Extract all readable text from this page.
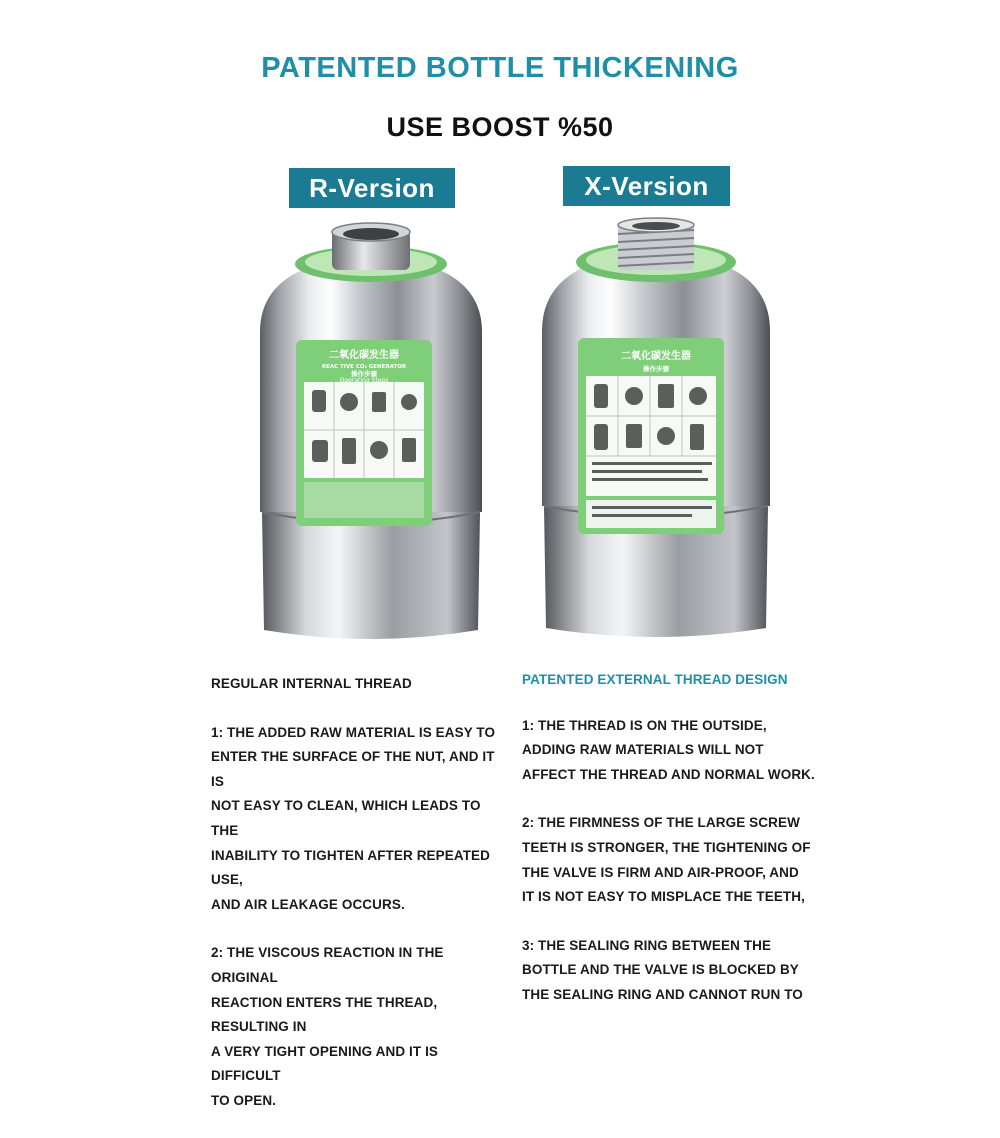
PATENTED BOTTLE THICKENING
USE BOOST %50
R-Version	X-Version
二氧化碳发生器
REAC TIVE CO₂ GENERATOR
操作步骤
Operating Steps
二氧化碳发生器
操作步骤

REGULAR INTERNAL THREAD

1: THE ADDED RAW MATERIAL IS EASY TO
ENTER THE SURFACE OF THE NUT, AND IT IS
NOT EASY TO CLEAN, WHICH LEADS TO THE
INABILITY TO TIGHTEN AFTER REPEATED USE,
AND AIR LEAKAGE OCCURS.

2: THE VISCOUS REACTION IN THE ORIGINAL
REACTION ENTERS THE THREAD, RESULTING IN
A VERY TIGHT OPENING AND IT IS DIFFICULT
TO OPEN.

PATENTED EXTERNAL THREAD DESIGN

1: THE THREAD IS ON THE OUTSIDE,
ADDING RAW MATERIALS WILL NOT
AFFECT THE THREAD AND NORMAL WORK.

2: THE FIRMNESS OF THE LARGE SCREW
TEETH IS STRONGER, THE TIGHTENING OF
THE VALVE IS FIRM AND AIR-PROOF, AND
IT IS NOT EASY TO MISPLACE THE TEETH,

3: THE SEALING RING BETWEEN THE
BOTTLE AND THE VALVE IS BLOCKED BY
THE SEALING RING AND CANNOT RUN TO
